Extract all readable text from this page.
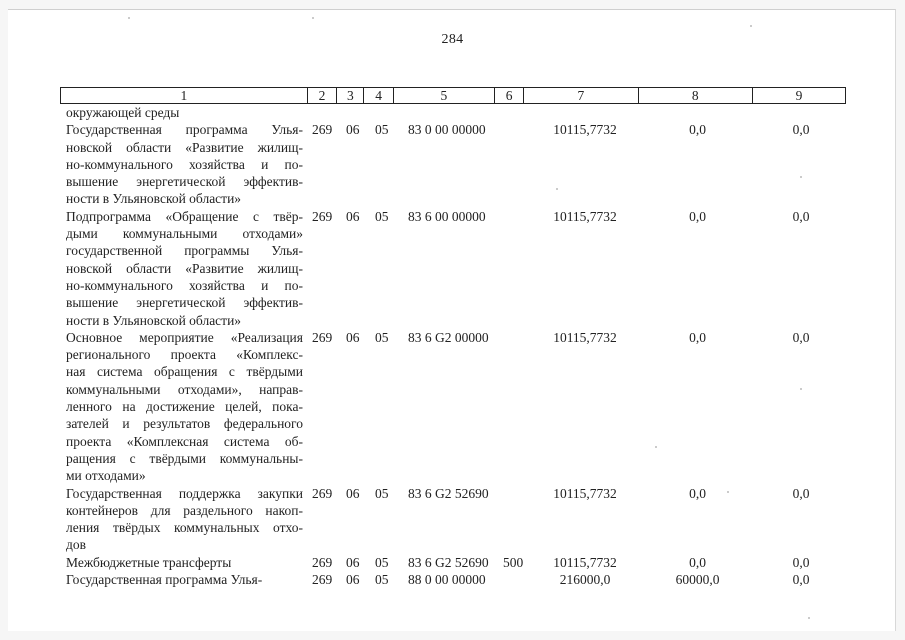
284
1	2	3	4	5	6	7	8	9
окружающей среды
Государственная программа Улья-
новской области «Развитие жилищ-
но-коммунального хозяйства и по-
вышение энергетической эффектив-
ности в Ульяновской области»
269 06 05 83 0 00 00000	10115,7732	0,0	0,0
Подпрограмма «Обращение с твёр-
дыми коммунальными отходами»
государственной программы Улья-
новской области «Развитие жилищ-
но-коммунального хозяйства и по-
вышение энергетической эффектив-
ности в Ульяновской области»
269 06 05 83 6 00 00000	10115,7732	0,0	0,0
Основное мероприятие «Реализация
регионального проекта «Комплекс-
ная система обращения с твёрдыми
коммунальными отходами», направ-
ленного на достижение целей, пока-
зателей и результатов федерального
проекта «Комплексная система об-
ращения с твёрдыми коммунальны-
ми отходами»
269 06 05 83 6 G2 00000	10115,7732	0,0	0,0
Государственная поддержка закупки
контейнеров для раздельного накоп-
ления твёрдых коммунальных отхо-
дов
269 06 05 83 6 G2 52690	10115,7732	0,0	0,0
Межбюджетные трансферты	269 06 05 83 6 G2 52690 500	10115,7732	0,0	0,0
Государственная программа Улья-	269 06 05 88 0 00 00000	216000,0	60000,0	0,0
